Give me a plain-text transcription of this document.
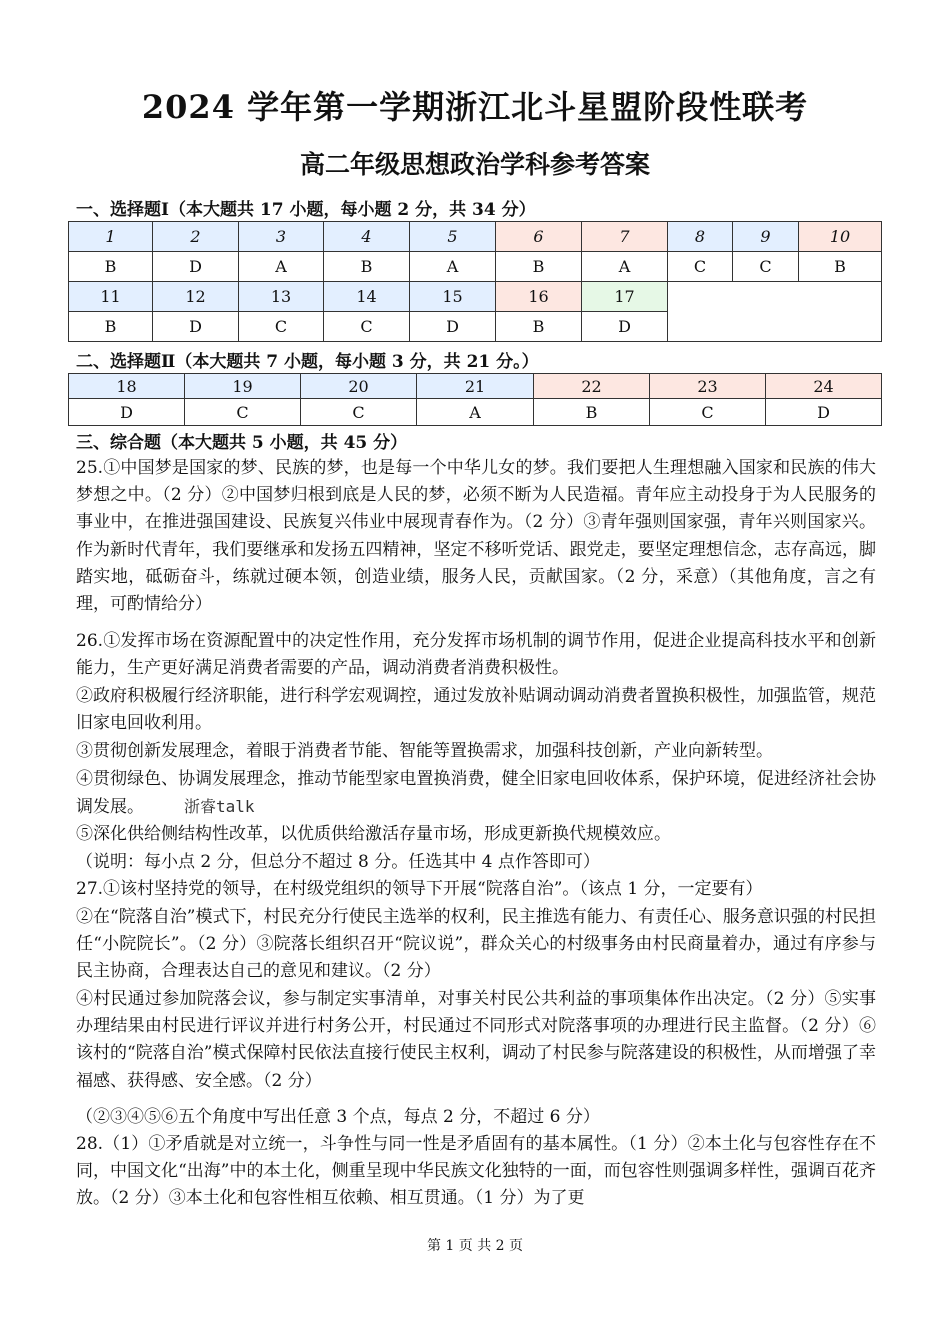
2024 学年第一学期浙江北斗星盟阶段性联考
高二年级思想政治学科参考答案
一、选择题Ⅰ（本大题共 17 小题，每小题 2 分，共 34 分）
1	2	3	4	5	6	7	8	9	10
B	D	A	B	A	B	A	C	C	B
11	12	13	14	15	16	17			
B	D	C	C	D	B	D			
二、选择题Ⅱ（本大题共 7 小题，每小题 3 分，共 21 分。）
18	19	20	21	22	23	24
D	C	C	A	B	C	D
三、综合题（本大题共 5 小题，共 45 分）

25.①中国梦是国家的梦、民族的梦，也是每一个中华儿女的梦。我们要把人生理想融入国家和民族的伟大梦想之中。（2 分）②中国梦归根到底是人民的梦，必须不断为人民造福。青年应主动投身于为人民服务的事业中，在推进强国建设、民族复兴伟业中展现青春作为。（2 分）③青年强则国家强，青年兴则国家兴。作为新时代青年，我们要继承和发扬五四精神，坚定不移听党话、跟党走，要坚定理想信念，志存高远，脚踏实地，砥砺奋斗，练就过硬本领，创造业绩，服务人民，贡献国家。（2 分，采意）（其他角度，言之有理，可酌情给分）

26.①发挥市场在资源配置中的决定性作用，充分发挥市场机制的调节作用，促进企业提高科技水平和创新能力，生产更好满足消费者需要的产品，调动消费者消费积极性。

②政府积极履行经济职能，进行科学宏观调控，通过发放补贴调动调动消费者置换积极性，加强监管，规范旧家电回收利用。

③贯彻创新发展理念，着眼于消费者节能、智能等置换需求，加强科技创新，产业向新转型。

④贯彻绿色、协调发展理念，推动节能型家电置换消费，健全旧家电回收体系，保护环境，促进经济社会协调发展。	浙睿talk

⑤深化供给侧结构性改革，以优质供给激活存量市场，形成更新换代规模效应。

（说明：每小点 2 分，但总分不超过 8 分。任选其中 4 点作答即可）

27.①该村坚持党的领导，在村级党组织的领导下开展“院落自治”。（该点 1 分，一定要有）

②在“院落自治”模式下，村民充分行使民主选举的权利，民主推选有能力、有责任心、服务意识强的村民担任“小院院长”。（2 分）③院落长组织召开“院议说”，群众关心的村级事务由村民商量着办，通过有序参与民主协商，合理表达自己的意见和建议。（2 分）

④村民通过参加院落会议，参与制定实事清单，对事关村民公共利益的事项集体作出决定。（2 分）⑤实事办理结果由村民进行评议并进行村务公开，村民通过不同形式对院落事项的办理进行民主监督。（2 分）⑥该村的“院落自治”模式保障村民依法直接行使民主权利，调动了村民参与院落建设的积极性，从而增强了幸福感、获得感、安全感。（2 分）

（②③④⑤⑥五个角度中写出任意 3 个点，每点 2 分，不超过 6 分）

28.（1）①矛盾就是对立统一，斗争性与同一性是矛盾固有的基本属性。（1 分）②本土化与包容性存在不同，中国文化“出海”中的本土化，侧重呈现中华民族文化独特的一面，而包容性则强调多样性，强调百花齐放。（2 分）③本土化和包容性相互依赖、相互贯通。（1 分）为了更

第 1 页 共 2 页
